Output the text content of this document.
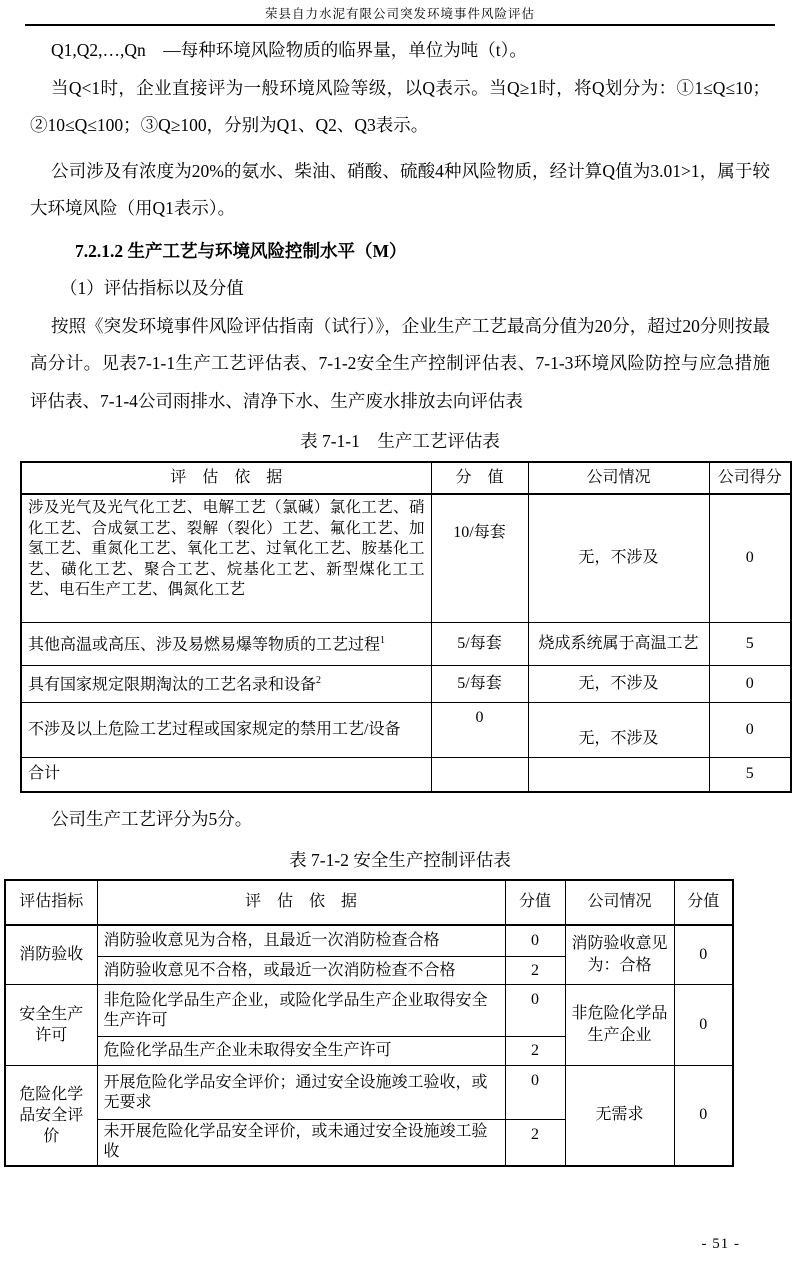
荣县自力水泥有限公司突发环境事件风险评估

Q1,Q2,…,Qn　—每种环境风险物质的临界量，单位为吨（t）。

当Q<1时，企业直接评为一般环境风险等级，以Q表示。当Q≥1时，将Q划分为：①1≤Q≤10；②10≤Q≤100；③Q≥100，分别为Q1、Q2、Q3表示。

公司涉及有浓度为20%的氨水、柴油、硝酸、硫酸4种风险物质，经计算Q值为3.01>1，属于较大环境风险（用Q1表示）。

7.2.1.2 生产工艺与环境风险控制水平（M）
（1）评估指标以及分值

按照《突发环境事件风险评估指南（试行）》，企业生产工艺最高分值为20分，超过20分则按最高分计。见表7-1-1生产工艺评估表、7-1-2安全生产控制评估表、7-1-3环境风险防控与应急措施评估表、7-1-4公司雨排水、清净下水、生产废水排放去向评估表

表 7-1-1　生产工艺评估表
评　估　依　据	分　值	公司情况	公司得分
涉及光气及光气化工艺、电解工艺（氯碱）氯化工艺、硝化工艺、合成氨工艺、裂解（裂化）工艺、氟化工艺、加氢工艺、重氮化工艺、氧化工艺、过氧化工艺、胺基化工艺、磺化工艺、聚合工艺、烷基化工艺、新型煤化工工艺、电石生产工艺、偶氮化工艺	10/每套	无，不涉及	0
其他高温或高压、涉及易燃易爆等物质的工艺过程$^1$	5/每套	烧成系统属于高温工艺	5
具有国家规定限期淘汰的工艺名录和设备$^2$	5/每套	无，不涉及	0
不涉及以上危险工艺过程或国家规定的禁用工艺/设备	0	无，不涉及	0
合计			5

公司生产工艺评分为5分。

表 7-1-2 安全生产控制评估表
评估指标	评　估　依　据	分值	公司情况	分值
消防验收	消防验收意见为合格，且最近一次消防检查合格	0	消防验收意见为：合格	0
	消防验收意见不合格，或最近一次消防检查不合格	2		
安全生产许可	非危险化学品生产企业，或险化学品生产企业取得安全生产许可	0	非危险化学品生产企业	0
	危险化学品生产企业未取得安全生产许可	2		
危险化学品安全评价	开展危险化学品安全评价；通过安全设施竣工验收，或无要求	0	无需求	0
	未开展危险化学品安全评价，或未通过安全设施竣工验收	2		
- 51 -
